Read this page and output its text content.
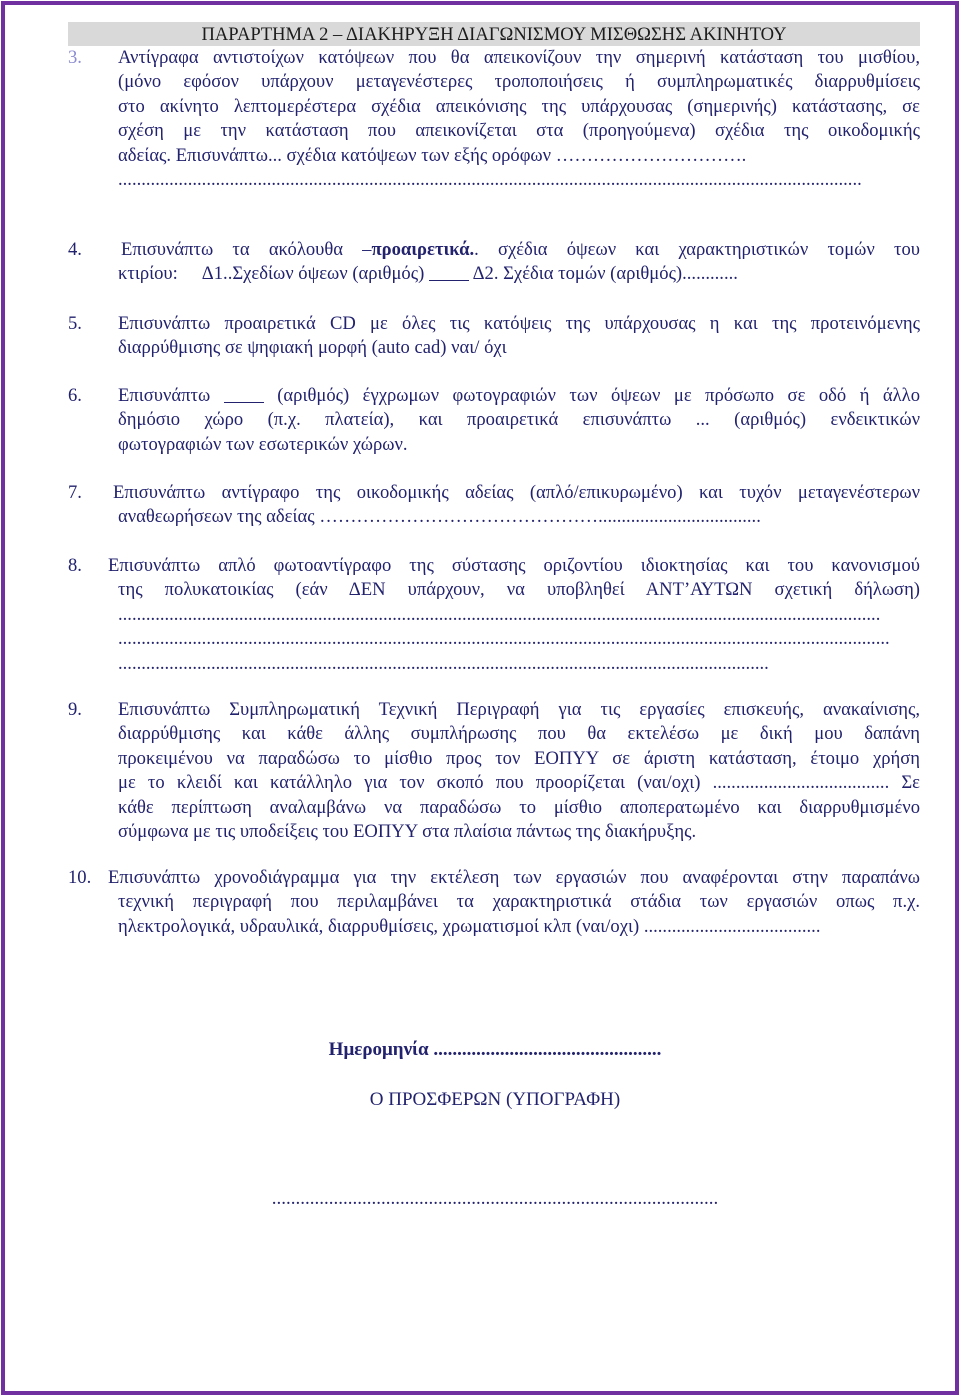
ΠΑΡΑΡΤΗΜΑ 2 – ΔΙΑΚΗΡΥΞΗ ΔΙΑΓΩΝΙΣΜΟΥ ΜΙΣΘΩΣΗΣ ΑΚΙΝΗΤΟΥ
3. Αντίγραφα αντιστοίχων κατόψεων που θα απεικονίζουν την σημερινή κατάσταση του μισθίου,
(μόνο εφόσον υπάρχουν μεταγενέστερες τροποποιήσεις ή συμπληρωματικές διαρρυθμίσεις
στο ακίνητο λεπτομερέστερα σχέδια απεικόνισης της υπάρχουσας (σημερινής) κατάστασης, σε
σχέση με την κατάσταση που απεικονίζεται στα (προηγούμενα) σχέδια της οικοδομικής
αδείας. Επισυνάπτω... σχέδια κατόψεων των εξής ορόφων ………………………….
................................................................................................................................................................
4. Επισυνάπτω τα ακόλουθα –προαιρετικά.. σχέδια όψεων και χαρακτηριστικών τομών του
κτιρίου: Δ1..Σχεδίων όψεων (αριθμός)	Δ2. Σχέδια τομών (αριθμός)............
5. Επισυνάπτω προαιρετικά CD με όλες τις κατόψεις της υπάρχουσας η και της προτεινόμενης
διαρρύθμισης σε ψηφιακή μορφή (auto cad) ναι/ όχι
6. Επισυνάπτω	(αριθμός) έγχρωμων φωτογραφιών των όψεων με πρόσωπο σε οδό ή άλλο
δημόσιο χώρο (π.χ. πλατεία), και προαιρετικά επισυνάπτω ... (αριθμός) ενδεικτικών
φωτογραφιών των εσωτερικών χώρων.
7. Επισυνάπτω αντίγραφο της οικοδομικής αδείας (απλό/επικυρωμένο) και τυχόν μεταγενέστερων
αναθεωρήσεων της αδείας ………………………………………...................................
8. Επισυνάπτω απλό φωτοαντίγραφο της σύστασης οριζοντίου ιδιοκτησίας και του κανονισμού
της πολυκατοικίας (εάν ΔΕΝ υπάρχουν, να υποβληθεί ΑΝΤ’ΑΥΤΩΝ σχετική δήλωση)
....................................................................................................................................................................
......................................................................................................................................................................
............................................................................................................................................
9. Επισυνάπτω Συμπληρωματική Τεχνική Περιγραφή για τις εργασίες επισκευής, ανακαίνισης,
διαρρύθμισης και κάθε άλλης συμπλήρωσης που θα εκτελέσω με δική μου δαπάνη
προκειμένου να παραδώσω το μίσθιο προς τον ΕΟΠΥΥ σε άριστη κατάσταση, έτοιμο χρήση
με το κλειδί και κατάλληλο για τον σκοπό που προορίζεται (ναι/οχι) ...................................... Σε
κάθε περίπτωση αναλαμβάνω να παραδώσω το μίσθιο αποπερατωμένο και διαρρυθμισμένο
σύμφωνα με τις υποδείξεις του ΕΟΠΥΥ στα πλαίσια πάντως της διακήρυξης.
10. Επισυνάπτω χρονοδιάγραμμα για την εκτέλεση των εργασιών που αναφέρονται στην παραπάνω
τεχνική περιγραφή που περιλαμβάνει τα χαρακτηριστικά στάδια των εργασιών οπως π.χ.
ηλεκτρολογικά, υδραυλικά, διαρρυθμίσεις, χρωματισμοί κλπ (ναι/οχι) ......................................
Ημερομηνία ................................................
Ο ΠΡΟΣΦΕΡΩΝ (ΥΠΟΓΡΑΦΗ)
..............................................................................................
